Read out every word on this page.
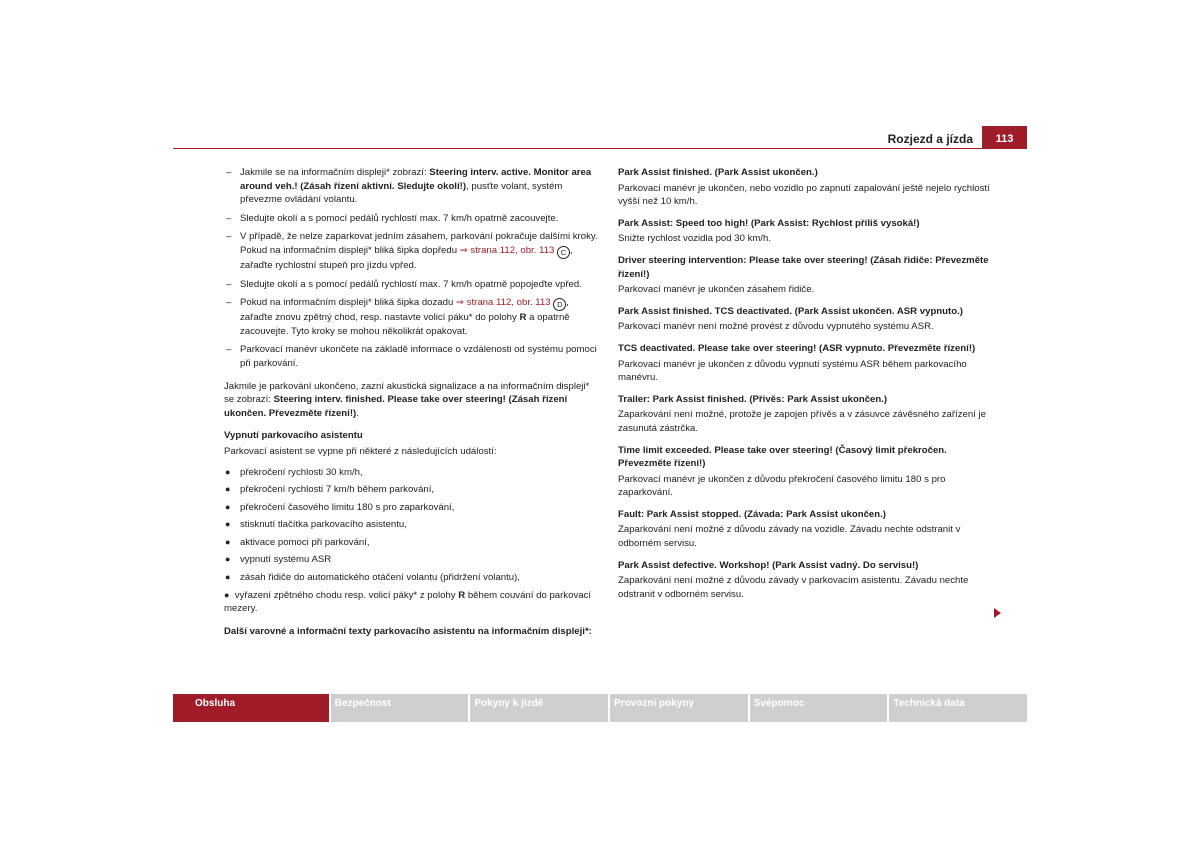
Rozjezd a jízda	113
– Jakmile se na informačním displeji* zobrazí: Steering interv. active. Monitor area around veh.! (Zásah řízení aktivní. Sledujte okolí!), pusťte volant, systém převezme ovládání volantu.
– Sledujte okolí a s pomocí pedálů rychlostí max. 7 km/h opatrně zacouvejte.
– V případě, že nelze zaparkovat jedním zásahem, parkování pokračuje dalšími kroky. Pokud na informačním displeji* bliká šipka dopředu ⇒ strana 112, obr. 113 C , zařaďte rychlostní stupeň pro jízdu vpřed.
– Sledujte okolí a s pomocí pedálů rychlostí max. 7 km/h opatrně popojeďte vpřed.
– Pokud na informačním displeji* bliká šipka dozadu ⇒ strana 112, obr. 113 D , zařaďte znovu zpětný chod, resp. nastavte volicí páku* do polohy R a opatrně zacouvejte. Tyto kroky se mohou několikrát opakovat.
– Parkovací manévr ukončete na základě informace o vzdálenosti od systému pomoci při parkování.

Jakmile je parkování ukončeno, zazní akustická signalizace a na informačním displeji* se zobrazí: Steering interv. finished. Please take over steering! (Zásah řízení ukončen. Převezměte řízení!).

Vypnutí parkovacího asistentu

Parkovací asistent se vypne při některé z následujících událostí:

● překročení rychlosti 30 km/h,
● překročení rychlosti 7 km/h během parkování,
● překročení časového limitu 180 s pro zaparkování,
● stisknutí tlačítka parkovacího asistentu,
● aktivace pomoci při parkování,
● vypnutí systému ASR
● zásah řidiče do automatického otáčení volantu (přidržení volantu),
● vyřazení zpětného chodu resp. volicí páky* z polohy R během couvání do parkovací mezery.
Další varovné a informační texty parkovacího asistentu na informačním displeji*:
Park Assist finished. (Park Assist ukončen.)
Parkovací manévr je ukončen, nebo vozidlo po zapnutí zapalování ještě nejelo rychlostí vyšší než 10 km/h.
Park Assist: Speed too high! (Park Assist: Rychlost příliš vysoká!)
Snižte rychlost vozidla pod 30 km/h.
Driver steering intervention: Please take over steering! (Zásah řidiče: Převezměte řízení!)
Parkovací manévr je ukončen zásahem řidiče.
Park Assist finished. TCS deactivated. (Park Assist ukončen. ASR vypnuto.)
Parkovací manévr není možné provést z důvodu vypnutého systému ASR.
TCS deactivated. Please take over steering! (ASR vypnuto. Převezměte řízení!)
Parkovací manévr je ukončen z důvodu vypnutí systému ASR během parkovacího manévru.
Trailer: Park Assist finished. (Přívěs: Park Assist ukončen.)
Zaparkování není možné, protože je zapojen přívěs a v zásuvce závěsného zařízení je zasunutá zástrčka.
Time limit exceeded. Please take over steering! (Časový limit překročen. Převezměte řízení!)
Parkovací manévr je ukončen z důvodu překročení časového limitu 180 s pro zaparkování.
Fault: Park Assist stopped. (Závada: Park Assist ukončen.)
Zaparkování není možné z důvodu závady na vozidle. Závadu nechte odstranit v odborném servisu.
Park Assist defective. Workshop! (Park Assist vadný. Do servisu!)
Zaparkování není možné z důvodu závady v parkovacím asistentu. Závadu nechte odstranit v odborném servisu.
Obsluha	Bezpečnost	Pokyny k jízdě	Provozní pokyny	Svépomoc	Technická data
